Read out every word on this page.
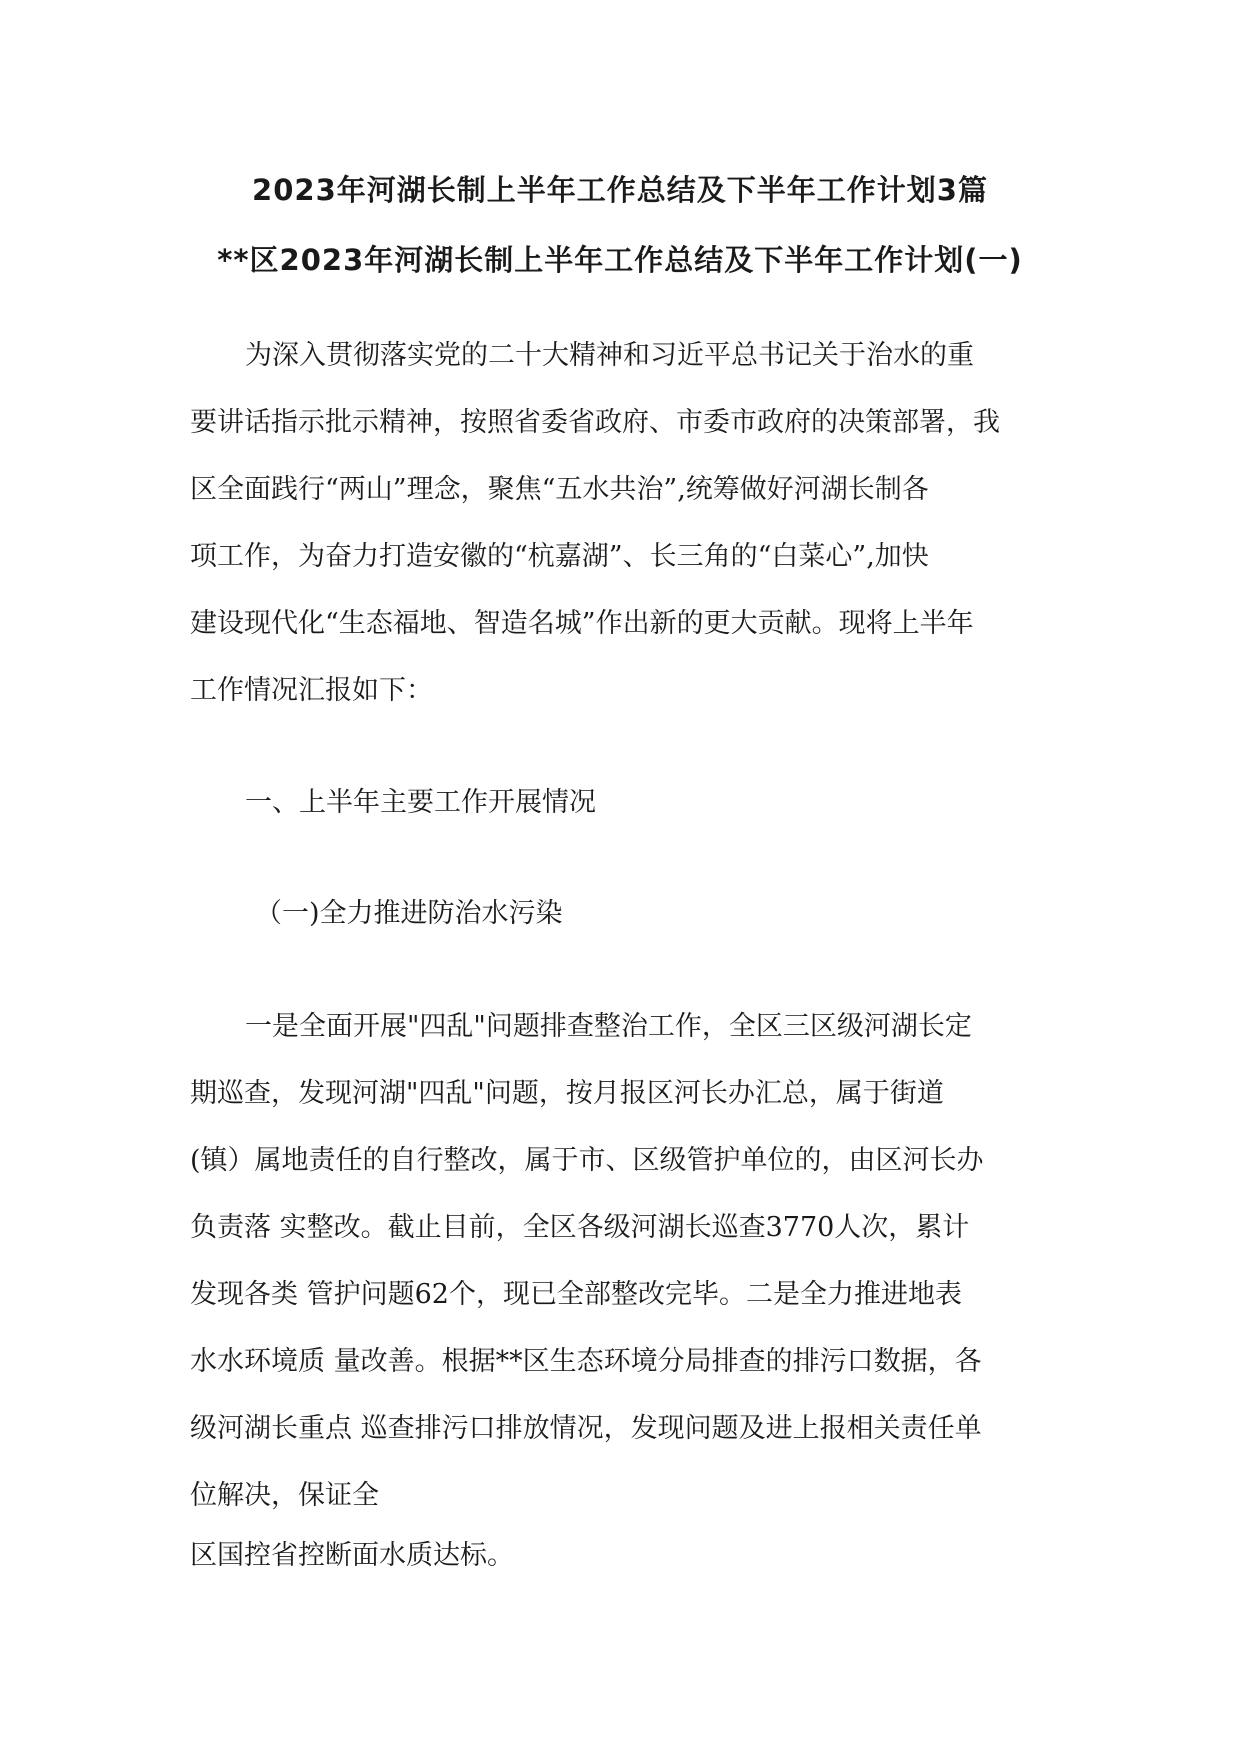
2023年河湖长制上半年工作总结及下半年工作计划3篇
**区2023年河湖长制上半年工作总结及下半年工作计划(一)
为深入贯彻落实党的二十大精神和习近平总书记关于治水的重
要讲话指示批示精神，按照省委省政府、市委市政府的决策部署，我
区全面践行“两山”理念，聚焦“五水共治”,统筹做好河湖长制各
项工作，为奋力打造安徽的“杭嘉湖”、长三角的“白菜心”,加快
建设现代化“生态福地、智造名城”作出新的更大贡献。现将上半年
工作情况汇报如下：
一、上半年主要工作开展情况
（一)全力推进防治水污染
一是全面开展"四乱"问题排查整治工作，全区三区级河湖长定
期巡查，发现河湖"四乱"问题，按月报区河长办汇总，属于街道
(镇）属地责任的自行整改，属于市、区级管护单位的，由区河长办
负责落 实整改。截止目前，全区各级河湖长巡查3770人次，累计
发现各类 管护问题62个，现已全部整改完毕。二是全力推进地表
水水环境质 量改善。根据**区生态环境分局排查的排污口数据，各
级河湖长重点 巡查排污口排放情况，发现问题及进上报相关责任单
位解决，保证全
区国控省控断面水质达标。
